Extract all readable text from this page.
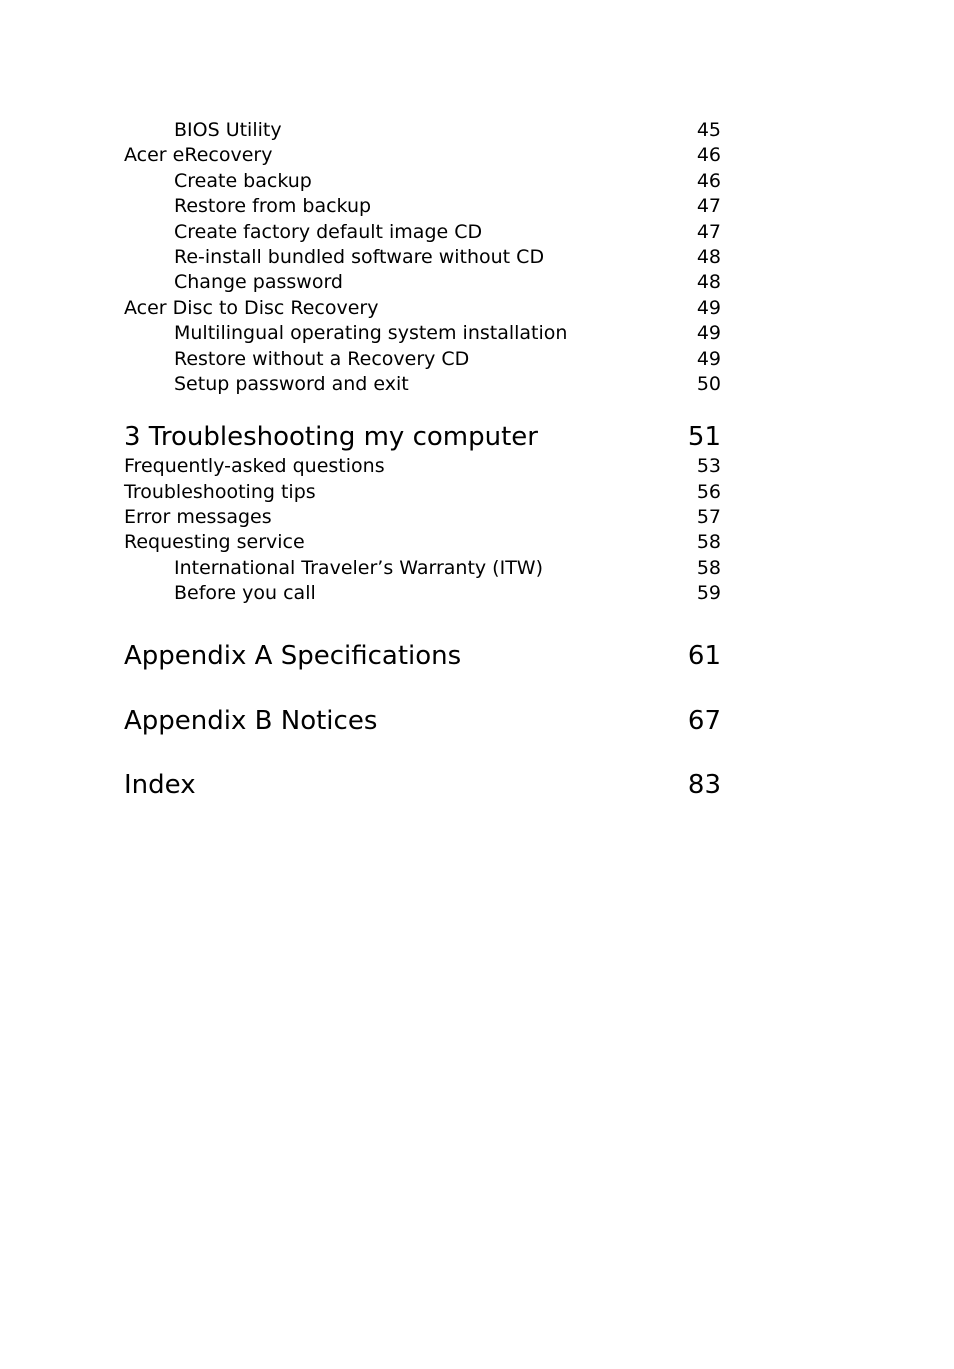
BIOS Utility	45
Acer eRecovery	46
Create backup	46
Restore from backup	47
Create factory default image CD	47
Re-install bundled software without CD	48
Change password	48
Acer Disc to Disc Recovery	49
Multilingual operating system installation	49
Restore without a Recovery CD	49
Setup password and exit	50
3 Troubleshooting my computer	51
Frequently-asked questions	53
Troubleshooting tips	56
Error messages	57
Requesting service	58
International Traveler’s Warranty (ITW)	58
Before you call	59
Appendix A Specifications	61
Appendix B Notices	67
Index	83
